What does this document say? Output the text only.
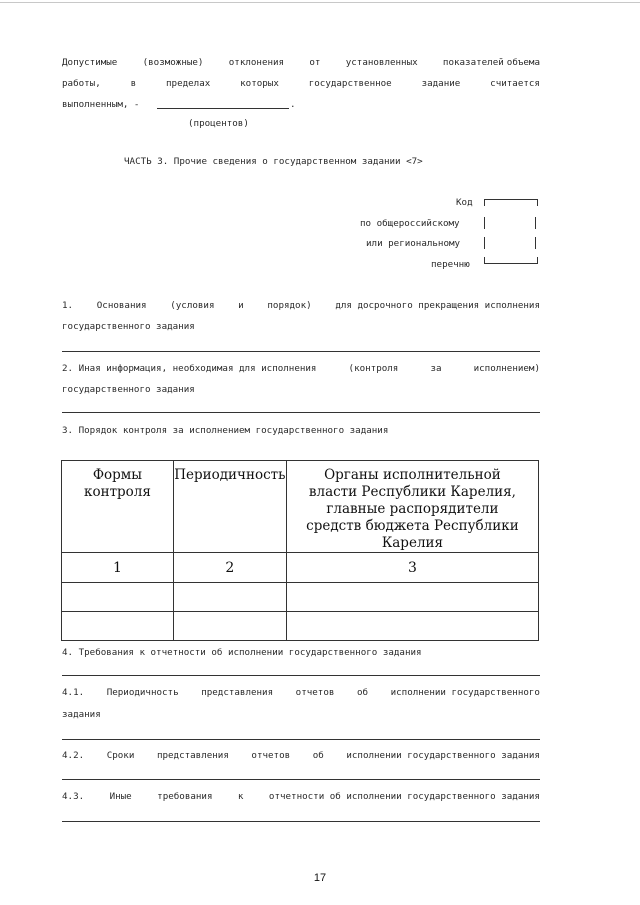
Допустимые	(возможные)	отклонения	от	установленных	показателей объема
работы,	в	пределах	которых	государственное	задание	считается
выполненным, -	.
(процентов)
ЧАСТЬ 3. Прочие сведения о государственном задании <7>
Код
по общероссийскому
или региональному
перечню
1.	Основания	(условия	и	порядок)	для досрочного прекращения исполнения
государственного задания
2. Иная информация, необходимая для исполнения	(контроля	за	исполнением)
государственного задания
3. Порядок контроля за исполнением государственного задания
Формы контроля	Периодичность	Органы исполнительной власти Республики Карелия, главные распорядители средств бюджета Республики Карелия
1	2	3

4. Требования к отчетности об исполнении государственного задания
4.1. Периодичность представления отчетов об исполнении государственного
задания
4.2. Сроки представления отчетов об исполнении государственного задания
4.3.	Иные	требования	к	отчетности об исполнении государственного задания
17
